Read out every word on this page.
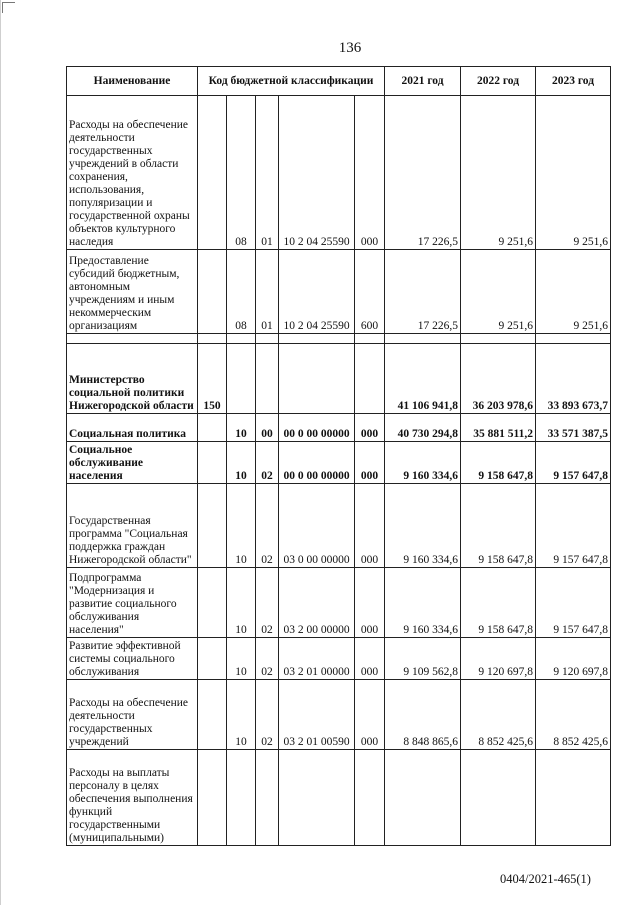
136
Наименование	Код бюджетной классификации					2021 год	2022 год	2023 год
Расходы на обеспечение деятельности государственных учреждений в области сохранения, использования, популяризации и государственной охраны объектов культурного наследия		08	01	10 2 04 25590	000	17 226,5	9 251,6	9 251,6
Предоставление субсидий бюджетным, автономным учреждениям и иным некоммерческим организациям		08	01	10 2 04 25590	600	17 226,5	9 251,6	9 251,6

Министерство социальной политики Нижегородской области	150					41 106 941,8	36 203 978,6	33 893 673,7
Социальная политика		10	00	00 0 00 00000	000	40 730 294,8	35 881 511,2	33 571 387,5
Социальное обслуживание населения		10	02	00 0 00 00000	000	9 160 334,6	9 158 647,8	9 157 647,8
Государственная программа "Социальная поддержка граждан Нижегородской области"		10	02	03 0 00 00000	000	9 160 334,6	9 158 647,8	9 157 647,8
Подпрограмма "Модернизация и развитие социального обслуживания населения"		10	02	03 2 00 00000	000	9 160 334,6	9 158 647,8	9 157 647,8
Развитие эффективной системы социального обслуживания		10	02	03 2 01 00000	000	9 109 562,8	9 120 697,8	9 120 697,8
Расходы на обеспечение деятельности государственных учреждений		10	02	03 2 01 00590	000	8 848 865,6	8 852 425,6	8 852 425,6
Расходы на выплаты персоналу в целях обеспечения выполнения функций государственными (муниципальными)								
0404/2021-465(1)
